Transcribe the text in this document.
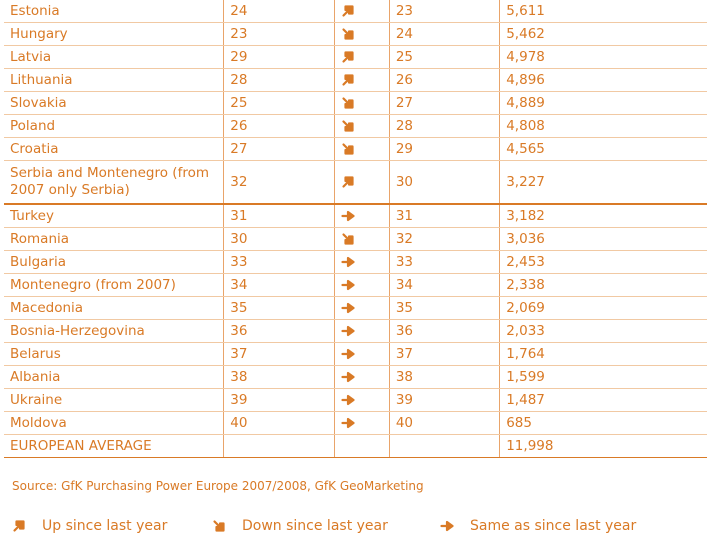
Estonia	24		23	5,611
Hungary	23		24	5,462
Latvia	29		25	4,978
Lithuania	28		26	4,896
Slovakia	25		27	4,889
Poland	26		28	4,808
Croatia	27		29	4,565
Serbia and Montenegro (from 2007 only Serbia)	32		30	3,227
Turkey	31		31	3,182
Romania	30		32	3,036
Bulgaria	33		33	2,453
Montenegro (from 2007)	34		34	2,338
Macedonia	35		35	2,069
Bosnia-Herzegovina	36		36	2,033
Belarus	37		37	1,764
Albania	38		38	1,599
Ukraine	39		39	1,487
Moldova	40		40	685
EUROPEAN AVERAGE				11,998
Source: GfK Purchasing Power Europe 2007/2008, GfK GeoMarketing
Up since last year	Down since last year	Same as since last year
